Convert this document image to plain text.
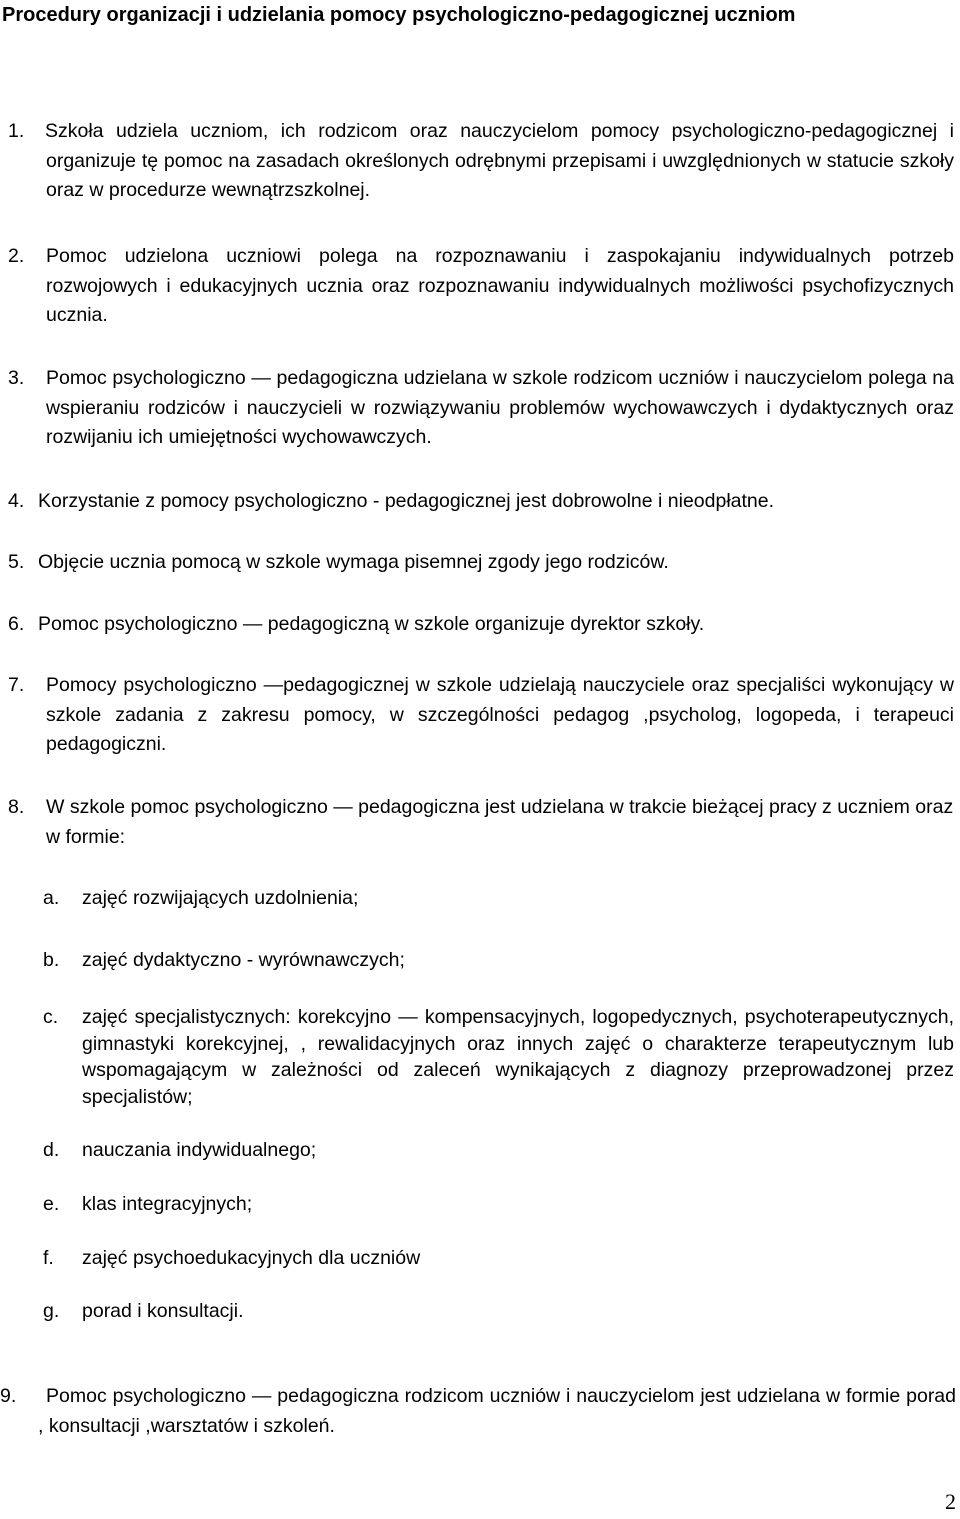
Procedury organizacji i udzielania pomocy psychologiczno-pedagogicznej uczniom
1.	Szkoła udziela uczniom, ich rodzicom oraz nauczycielom pomocy psychologiczno-pedagogicznej i organizuje tę pomoc na zasadach określonych odrębnymi przepisami i uwzględnionych w statucie szkoły oraz w procedurze wewnątrzszkolnej.
2.	Pomoc udzielona uczniowi polega na rozpoznawaniu i zaspokajaniu indywidualnych potrzeb rozwojowych i edukacyjnych ucznia oraz rozpoznawaniu indywidualnych możliwości psychofizycznych ucznia.
3.	Pomoc psychologiczno — pedagogiczna udzielana w szkole rodzicom uczniów i nauczycielom polega na wspieraniu rodziców i nauczycieli w rozwiązywaniu problemów wychowawczych i dydaktycznych oraz rozwijaniu ich umiejętności wychowawczych.
4. Korzystanie z pomocy psychologiczno - pedagogicznej jest dobrowolne i nieodpłatne.
5. Objęcie ucznia pomocą w szkole wymaga pisemnej zgody jego rodziców.
6. Pomoc psychologiczno — pedagogiczną w szkole organizuje dyrektor szkoły.
7.	Pomocy psychologiczno —pedagogicznej w szkole udzielają nauczyciele oraz specjaliści wykonujący w szkole zadania z zakresu pomocy, w szczególności pedagog ,psycholog, logopeda, i terapeuci pedagogiczni.
8.	W szkole pomoc psychologiczno — pedagogiczna jest udzielana w trakcie bieżącej pracy z uczniem oraz w formie:
a.	zajęć rozwijających uzdolnienia;
b.	zajęć dydaktyczno - wyrównawczych;
c.	zajęć specjalistycznych: korekcyjno — kompensacyjnych, logopedycznych, psychoterapeutycznych, gimnastyki korekcyjnej, , rewalidacyjnych oraz innych zajęć o charakterze terapeutycznym lub wspomagającym w zależności od zaleceń wynikających z diagnozy przeprowadzonej przez specjalistów;
d.	nauczania indywidualnego;
e.	klas integracyjnych;
f.	zajęć psychoedukacyjnych dla uczniów
g.	porad i konsultacji.
9.	Pomoc psychologiczno — pedagogiczna rodzicom uczniów i nauczycielom jest udzielana w formie porad , konsultacji ,warsztatów i szkoleń.
2
